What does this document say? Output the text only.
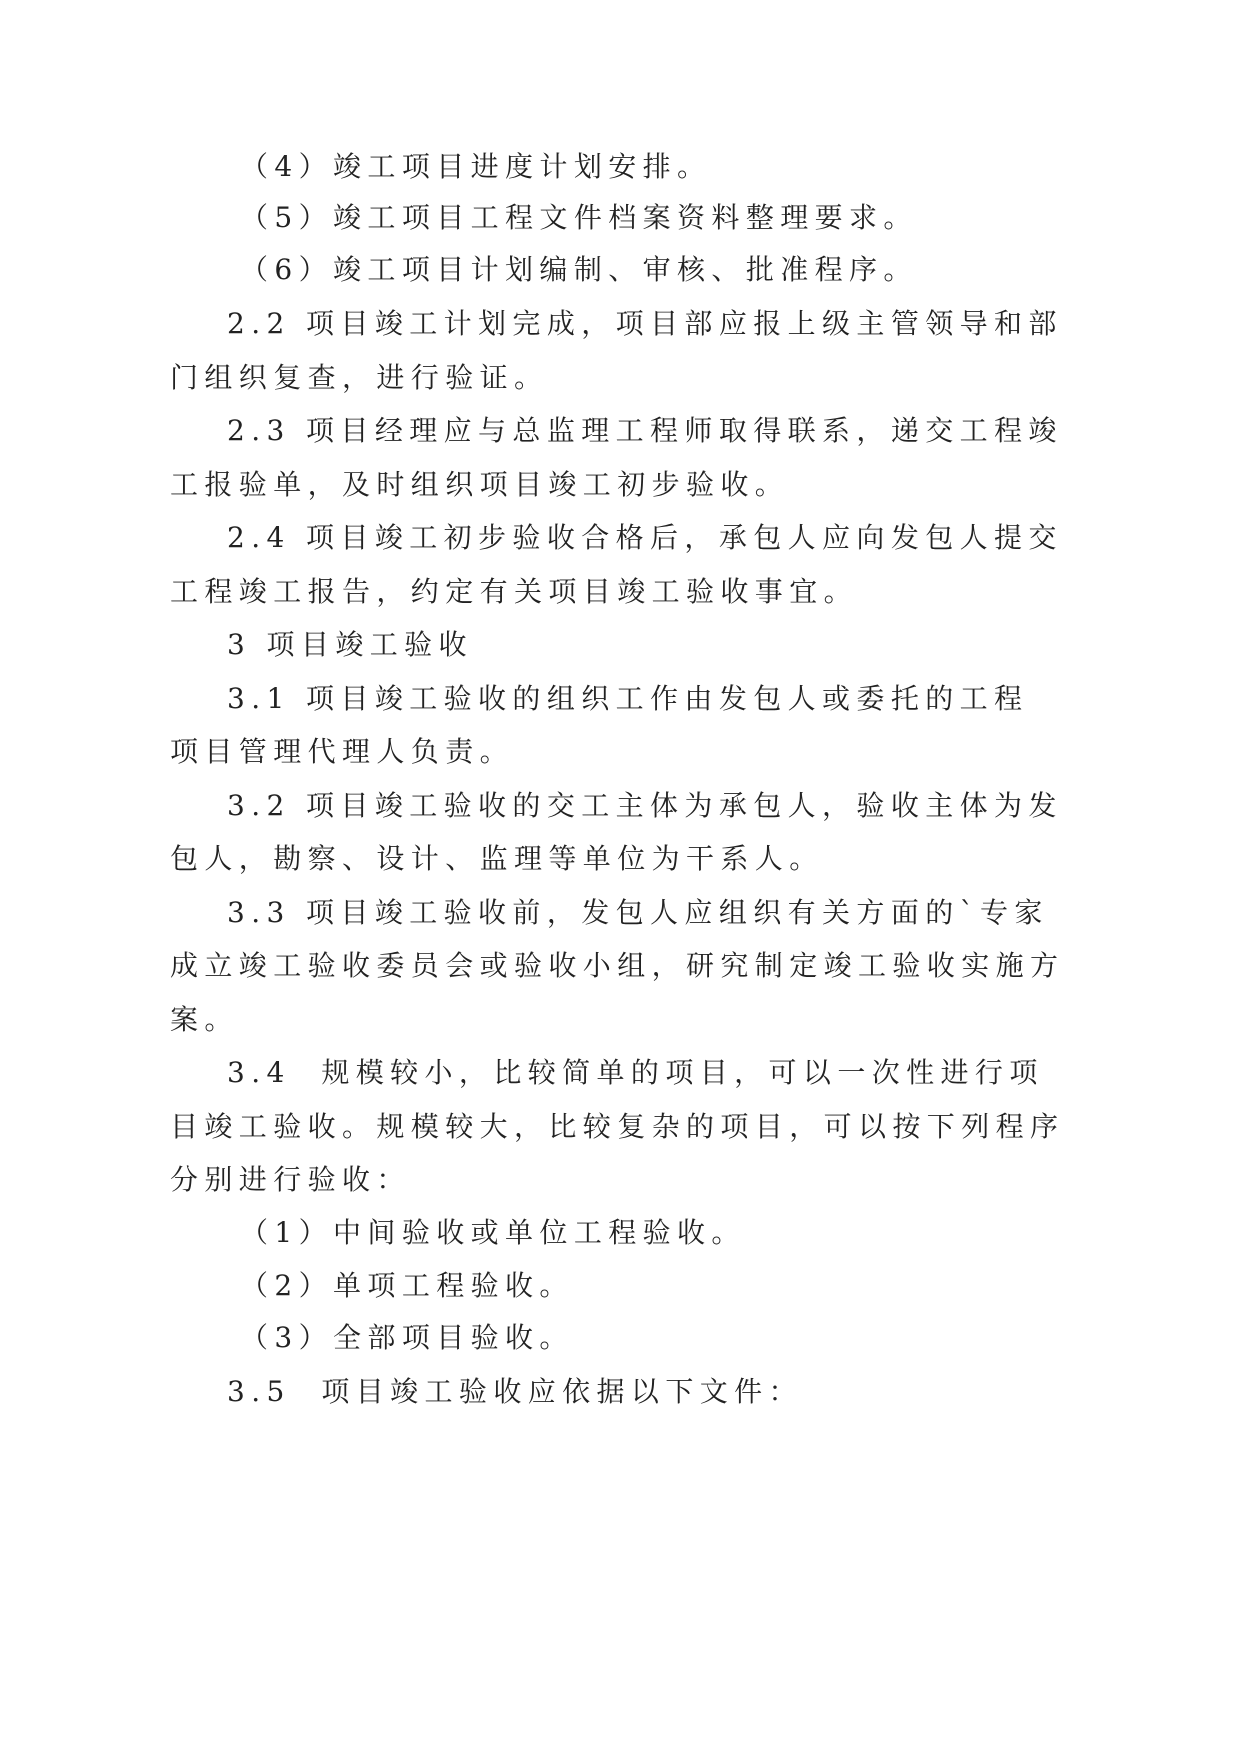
（4）竣工项目进度计划安排。

（5）竣工项目工程文件档案资料整理要求。

（6）竣工项目计划编制、审核、批准程序。

2.2 项目竣工计划完成，项目部应报上级主管领导和部

门组织复查，进行验证。

2.3 项目经理应与总监理工程师取得联系，递交工程竣

工报验单，及时组织项目竣工初步验收。

2.4 项目竣工初步验收合格后，承包人应向发包人提交

工程竣工报告，约定有关项目竣工验收事宜。

3 项目竣工验收

3.1 项目竣工验收的组织工作由发包人或委托的工程

项目管理代理人负责。

3.2 项目竣工验收的交工主体为承包人，验收主体为发

包人，勘察、设计、监理等单位为干系人。

3.3 项目竣工验收前，发包人应组织有关方面的`专家

成立竣工验收委员会或验收小组，研究制定竣工验收实施方

案。

3.4  规模较小，比较简单的项目，可以一次性进行项

目竣工验收。规模较大，比较复杂的项目，可以按下列程序

分别进行验收：

（1）中间验收或单位工程验收。

（2）单项工程验收。

（3）全部项目验收。

3.5  项目竣工验收应依据以下文件：
